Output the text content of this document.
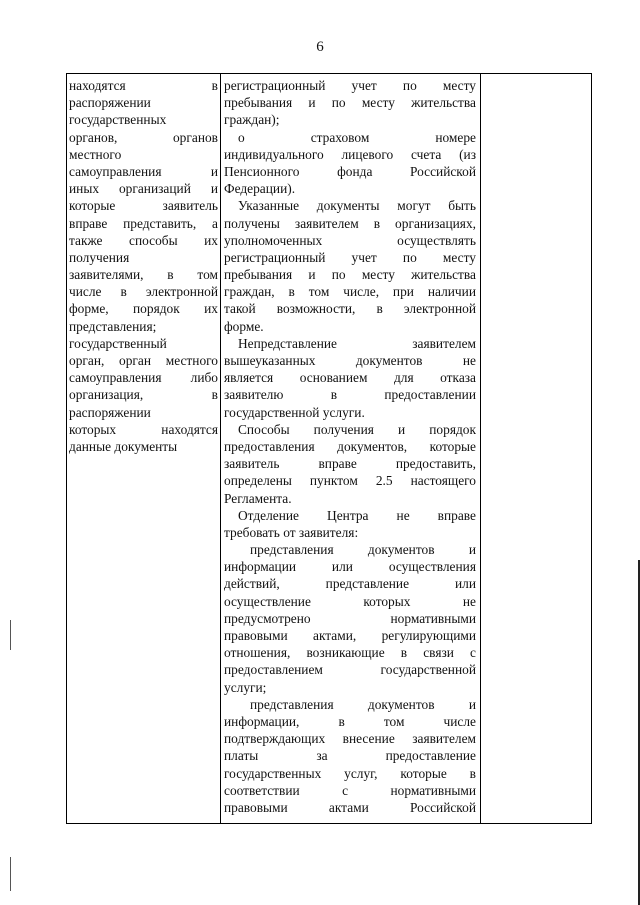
6
находятся в
распоряжении
государственных
органов, органов
местного
самоуправления и
иных организаций и
которые заявитель
вправе представить, а
также способы их
получения
заявителями, в том
числе в электронной
форме, порядок их
представления;
государственный
орган, орган местного
самоуправления либо
организация, в
распоряжении
которых находятся
данные документы
регистрационный учет по месту
пребывания и по месту жительства
граждан);
о страховом номере
индивидуального лицевого счета (из
Пенсионного фонда Российской
Федерации).
Указанные документы могут быть
получены заявителем в организациях,
уполномоченных осуществлять
регистрационный учет по месту
пребывания и по месту жительства
граждан, в том числе, при наличии
такой возможности, в электронной
форме.
Непредставление заявителем
вышеуказанных документов не
является основанием для отказа
заявителю в предоставлении
государственной услуги.
Способы получения и порядок
предоставления документов, которые
заявитель вправе предоставить,
определены пунктом 2.5 настоящего
Регламента.
Отделение Центра не вправе
требовать от заявителя:
представления документов и
информации или осуществления
действий, представление или
осуществление которых не
предусмотрено нормативными
правовыми актами, регулирующими
отношения, возникающие в связи с
предоставлением государственной
услуги;
представления документов и
информации, в том числе
подтверждающих внесение заявителем
платы за предоставление
государственных услуг, которые в
соответствии с нормативными
правовыми актами Российской
